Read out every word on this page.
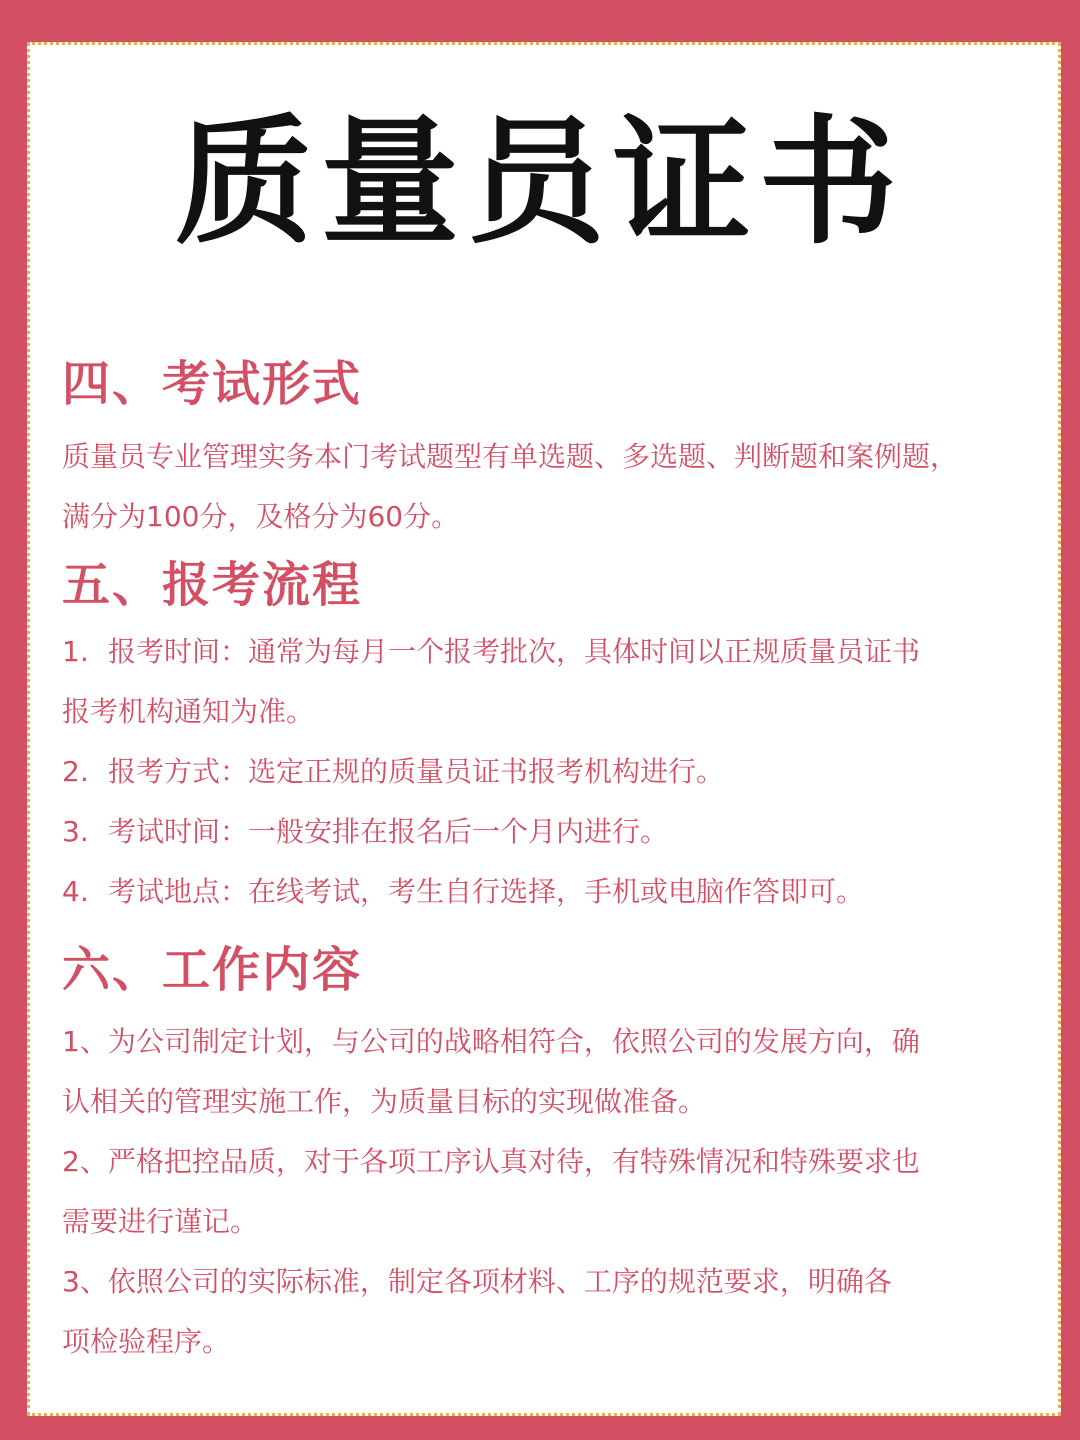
质量员证书
四、考试形式
质量员专业管理实务本门考试题型有单选题、多选题、判断题和案例题，
满分为100分，及格分为60分。
五、报考流程
1. 报考时间：通常为每月一个报考批次，具体时间以正规质量员证书
报考机构通知为准。
2. 报考方式：选定正规的质量员证书报考机构进行。
3. 考试时间：一般安排在报名后一个月内进行。
4. 考试地点：在线考试，考生自行选择，手机或电脑作答即可。
六、工作内容
1、为公司制定计划，与公司的战略相符合，依照公司的发展方向，确
认相关的管理实施工作，为质量目标的实现做准备。
2、严格把控品质，对于各项工序认真对待，有特殊情况和特殊要求也
需要进行谨记。
3、依照公司的实际标准，制定各项材料、工序的规范要求，明确各
项检验程序。
